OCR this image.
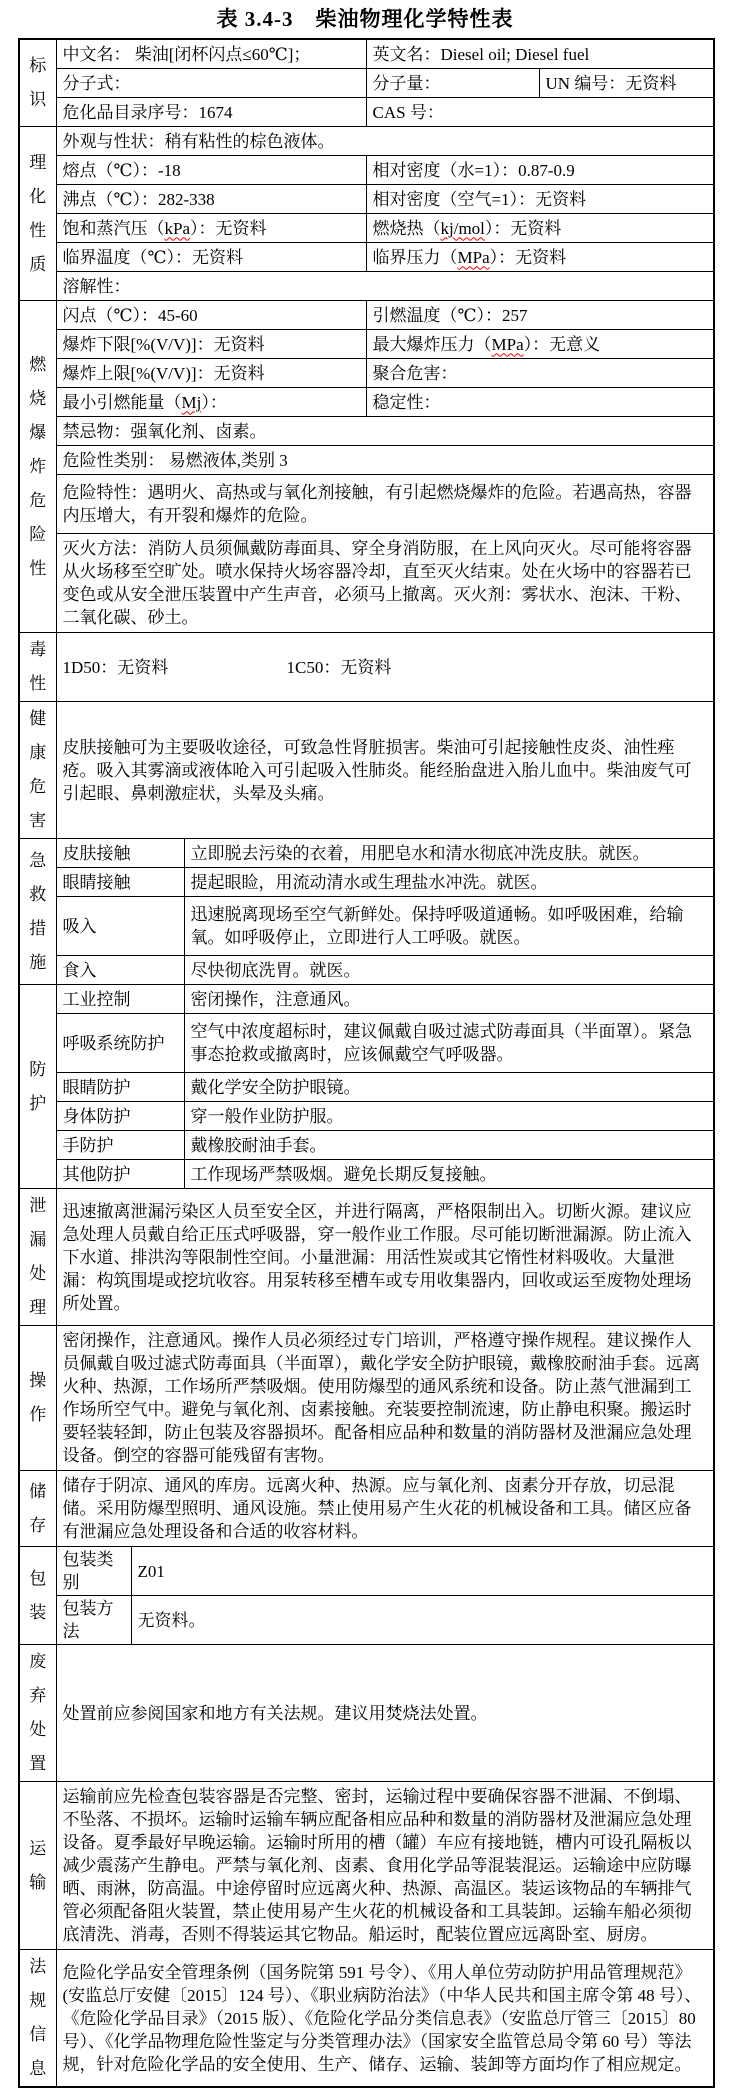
表 3.4-3　柴油物理化学特性表
标识	中文名： 柴油[闭杯闪点≤60℃]；			英文名：Diesel oil; Diesel fuel	
	分子式：			分子量：	UN 编号：无资料
	危化品目录序号：1674			CAS 号：	

理化性质	外观与性状：稍有粘性的棕色液体。				
	熔点（℃）：-18			相对密度（水=1）：0.87-0.9	
	沸点（℃）：282-338			相对密度（空气=1）：无资料	
	饱和蒸汽压（kPa）：无资料			燃烧热（kj/mol）：无资料	
	临界温度（℃）：无资料			临界压力（MPa）：无资料	
	溶解性：				

燃烧爆炸危险性	闪点（℃）：45-60			引燃温度（℃）：257	
	爆炸下限[%(V/V)]：无资料			最大爆炸压力（MPa）：无意义	
	爆炸上限[%(V/V)]：无资料			聚合危害：	
	最小引燃能量（Mj）：			稳定性：	
	禁忌物：强氧化剂、卤素。				
	危险性类别： 易燃液体,类别 3				
	危险特性：遇明火、高热或与氧化剂接触，有引起燃烧爆炸的危险。若遇高热，容器内压增大，有开裂和爆炸的危险。				
	灭火方法：消防人员须佩戴防毒面具、穿全身消防服，在上风向灭火。尽可能将容器从火场移至空旷处。喷水保持火场容器冷却，直至灭火结束。处在火场中的容器若已变色或从安全泄压装置中产生声音，必须马上撤离。灭火剂：雾状水、泡沫、干粉、二氧化碳、砂土。				

毒性	1D50：无资料 1C50：无资料				

健康危害	皮肤接触可为主要吸收途径，可致急性肾脏损害。柴油可引起接触性皮炎、油性痤疮。吸入其雾滴或液体呛入可引起吸入性肺炎。能经胎盘进入胎儿血中。柴油废气可引起眼、鼻刺激症状，头晕及头痛。				

急救措施	皮肤接触		立即脱去污染的衣着，用肥皂水和清水彻底冲洗皮肤。就医。		
	眼睛接触		提起眼睑，用流动清水或生理盐水冲洗。就医。		
	吸入		迅速脱离现场至空气新鲜处。保持呼吸道通畅。如呼吸困难，给输氧。如呼吸停止，立即进行人工呼吸。就医。		
	食入		尽快彻底洗胃。就医。		

防护	工业控制		密闭操作，注意通风。		
	呼吸系统防护		空气中浓度超标时，建议佩戴自吸过滤式防毒面具（半面罩）。紧急事态抢救或撤离时，应该佩戴空气呼吸器。		
	眼睛防护		戴化学安全防护眼镜。		
	身体防护		穿一般作业防护服。		
	手防护		戴橡胶耐油手套。		
	其他防护		工作现场严禁吸烟。避免长期反复接触。		

泄漏处理	迅速撤离泄漏污染区人员至安全区，并进行隔离，严格限制出入。切断火源。建议应急处理人员戴自给正压式呼吸器，穿一般作业工作服。尽可能切断泄漏源。防止流入下水道、排洪沟等限制性空间。小量泄漏：用活性炭或其它惰性材料吸收。大量泄漏：构筑围堤或挖坑收容。用泵转移至槽车或专用收集器内，回收或运至废物处理场所处置。				

操作	密闭操作，注意通风。操作人员必须经过专门培训，严格遵守操作规程。建议操作人员佩戴自吸过滤式防毒面具（半面罩），戴化学安全防护眼镜，戴橡胶耐油手套。远离火种、热源，工作场所严禁吸烟。使用防爆型的通风系统和设备。防止蒸气泄漏到工作场所空气中。避免与氧化剂、卤素接触。充装要控制流速，防止静电积聚。搬运时要轻装轻卸，防止包装及容器损坏。配备相应品种和数量的消防器材及泄漏应急处理设备。倒空的容器可能残留有害物。				

储存	储存于阴凉、通风的库房。远离火种、热源。应与氧化剂、卤素分开存放，切忌混储。采用防爆型照明、通风设施。禁止使用易产生火花的机械设备和工具。储区应备有泄漏应急处理设备和合适的收容材料。				

包装	包装类别	Z01			
	包装方法	无资料。			

废弃处置	处置前应参阅国家和地方有关法规。建议用焚烧法处置。				

运输	运输前应先检查包装容器是否完整、密封，运输过程中要确保容器不泄漏、不倒塌、不坠落、不损坏。运输时运输车辆应配备相应品种和数量的消防器材及泄漏应急处理设备。夏季最好早晚运输。运输时所用的槽（罐）车应有接地链，槽内可设孔隔板以减少震荡产生静电。严禁与氧化剂、卤素、食用化学品等混装混运。运输途中应防曝晒、雨淋，防高温。中途停留时应远离火种、热源、高温区。装运该物品的车辆排气管必须配备阻火装置，禁止使用易产生火花的机械设备和工具装卸。运输车船必须彻底清洗、消毒，否则不得装运其它物品。船运时，配装位置应远离卧室、厨房。				

法规信息	危险化学品安全管理条例（国务院第 591 号令）、《用人单位劳动防护用品管理规范》(安监总厅安健〔2015〕124 号）、《职业病防治法》（中华人民共和国主席令第 48 号）、《危险化学品目录》（2015 版）、《危险化学品分类信息表》（安监总厅管三〔2015〕80 号）、《化学品物理危险性鉴定与分类管理办法》（国家安全监管总局令第 60 号）等法规，针对危险化学品的安全使用、生产、储存、运输、装卸等方面均作了相应规定。				
